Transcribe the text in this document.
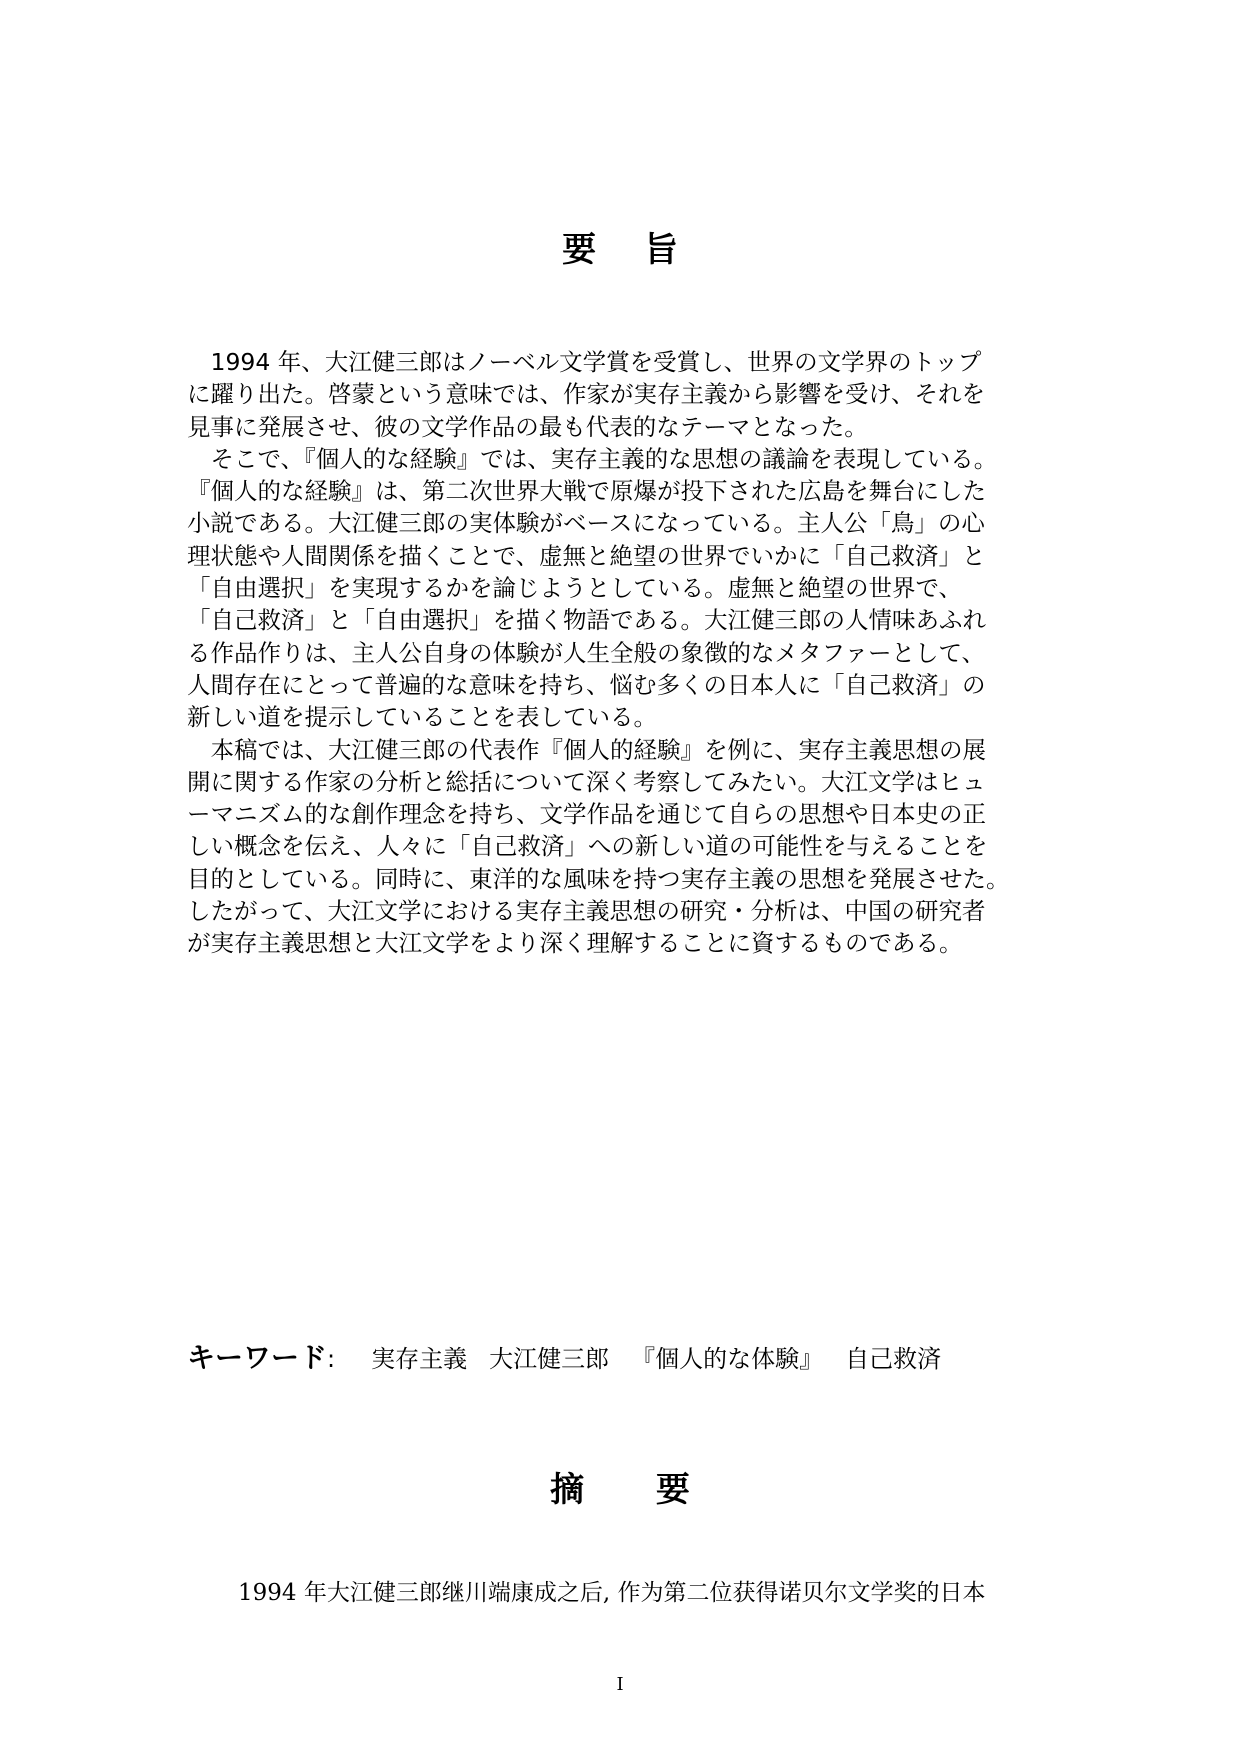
要 旨
　1994 年、大江健三郎はノーベル文学賞を受賞し、世界の文学界のトップ
に躍り出た。啓蒙という意味では、作家が実存主義から影響を受け、それを
見事に発展させ、彼の文学作品の最も代表的なテーマとなった。
　そこで、『個人的な経験』では、実存主義的な思想の議論を表現している。
『個人的な経験』は、第二次世界大戦で原爆が投下された広島を舞台にした
小説である。大江健三郎の実体験がベースになっている。主人公「鳥」の心
理状態や人間関係を描くことで、虚無と絶望の世界でいかに「自己救済」と
「自由選択」を実現するかを論じようとしている。虚無と絶望の世界で、
「自己救済」と「自由選択」を描く物語である。大江健三郎の人情味あふれ
る作品作りは、主人公自身の体験が人生全般の象徴的なメタファーとして、
人間存在にとって普遍的な意味を持ち、悩む多くの日本人に「自己救済」の
新しい道を提示していることを表している。
　本稿では、大江健三郎の代表作『個人的経験』を例に、実存主義思想の展
開に関する作家の分析と総括について深く考察してみたい。大江文学はヒュ
ーマニズム的な創作理念を持ち、文学作品を通じて自らの思想や日本史の正
しい概念を伝え、人々に「自己救済」への新しい道の可能性を与えることを
目的としている。同時に、東洋的な風味を持つ実存主義の思想を発展させた。
したがって、大江文学における実存主義思想の研究・分析は、中国の研究者
が実存主義思想と大江文学をより深く理解することに資するものである。
キーワード: 実存主義 大江健三郎 『個人的な体験』 自己救済
摘 要
1994 年大江健三郎继川端康成之后, 作为第二位获得诺贝尔文学奖的日本
I
